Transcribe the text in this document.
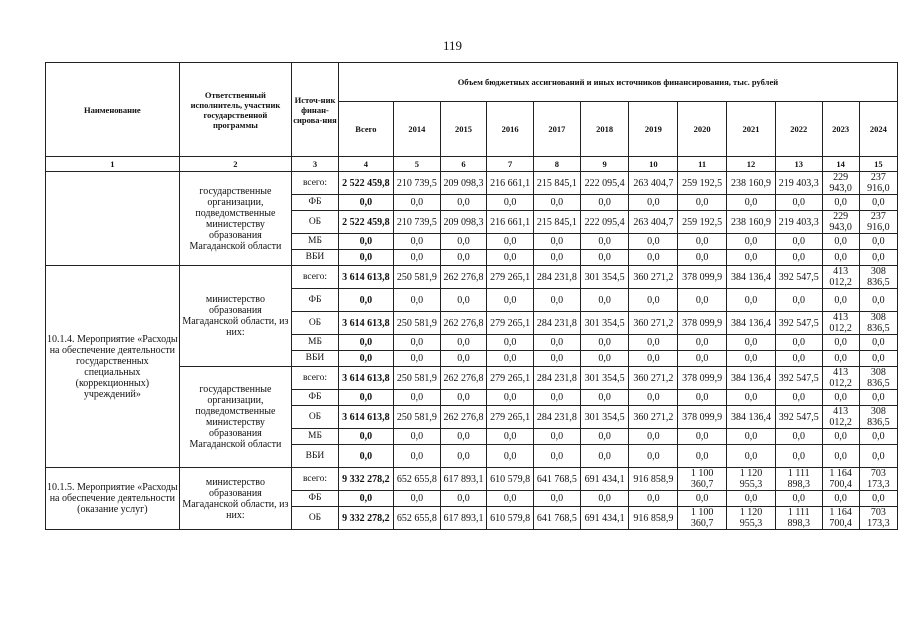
119
Наименование	Ответственный исполнитель, участник государственной программы	Источ-ник финан-сирова-ния	Объем бюджетных ассигнований и иных источников финансирования, тыс. рублей											
			Всего	2014	2015	2016	2017	2018	2019	2020	2021	2022	2023	2024
1	2	3	4	5	6	7	8	9	10	11	12	13	14	15
	государственные организации, подведомственные министерству образования Магаданской области	всего:	2 522 459,8	210 739,5	209 098,3	216 661,1	215 845,1	222 095,4	263 404,7	259 192,5	238 160,9	219 403,3	229 943,0	237 916,0
		ФБ	0,0	0,0	0,0	0,0	0,0	0,0	0,0	0,0	0,0	0,0	0,0	0,0
		ОБ	2 522 459,8	210 739,5	209 098,3	216 661,1	215 845,1	222 095,4	263 404,7	259 192,5	238 160,9	219 403,3	229 943,0	237 916,0
		МБ	0,0	0,0	0,0	0,0	0,0	0,0	0,0	0,0	0,0	0,0	0,0	0,0
		ВБИ	0,0	0,0	0,0	0,0	0,0	0,0	0,0	0,0	0,0	0,0	0,0	0,0
10.1.4. Мероприятие «Расходы на обеспечение деятельности государственных специальных (коррекционных) учреждений»	министерство образования Магаданской области, из них:	всего:	3 614 613,8	250 581,9	262 276,8	279 265,1	284 231,8	301 354,5	360 271,2	378 099,9	384 136,4	392 547,5	413 012,2	308 836,5
		ФБ	0,0	0,0	0,0	0,0	0,0	0,0	0,0	0,0	0,0	0,0	0,0	0,0
		ОБ	3 614 613,8	250 581,9	262 276,8	279 265,1	284 231,8	301 354,5	360 271,2	378 099,9	384 136,4	392 547,5	413 012,2	308 836,5
		МБ	0,0	0,0	0,0	0,0	0,0	0,0	0,0	0,0	0,0	0,0	0,0	0,0
		ВБИ	0,0	0,0	0,0	0,0	0,0	0,0	0,0	0,0	0,0	0,0	0,0	0,0
	государственные организации, подведомственные министерству образования Магаданской области	всего:	3 614 613,8	250 581,9	262 276,8	279 265,1	284 231,8	301 354,5	360 271,2	378 099,9	384 136,4	392 547,5	413 012,2	308 836,5
		ФБ	0,0	0,0	0,0	0,0	0,0	0,0	0,0	0,0	0,0	0,0	0,0	0,0
		ОБ	3 614 613,8	250 581,9	262 276,8	279 265,1	284 231,8	301 354,5	360 271,2	378 099,9	384 136,4	392 547,5	413 012,2	308 836,5
		МБ	0,0	0,0	0,0	0,0	0,0	0,0	0,0	0,0	0,0	0,0	0,0	0,0
		ВБИ	0,0	0,0	0,0	0,0	0,0	0,0	0,0	0,0	0,0	0,0	0,0	0,0
10.1.5. Мероприятие «Расходы на обеспечение деятельности (оказание услуг)	министерство образования Магаданской области, из них:	всего:	9 332 278,2	652 655,8	617 893,1	610 579,8	641 768,5	691 434,1	916 858,9	1 100 360,7	1 120 955,3	1 111 898,3	1 164 700,4	703 173,3
		ФБ	0,0	0,0	0,0	0,0	0,0	0,0	0,0	0,0	0,0	0,0	0,0	0,0
		ОБ	9 332 278,2	652 655,8	617 893,1	610 579,8	641 768,5	691 434,1	916 858,9	1 100 360,7	1 120 955,3	1 111 898,3	1 164 700,4	703 173,3
